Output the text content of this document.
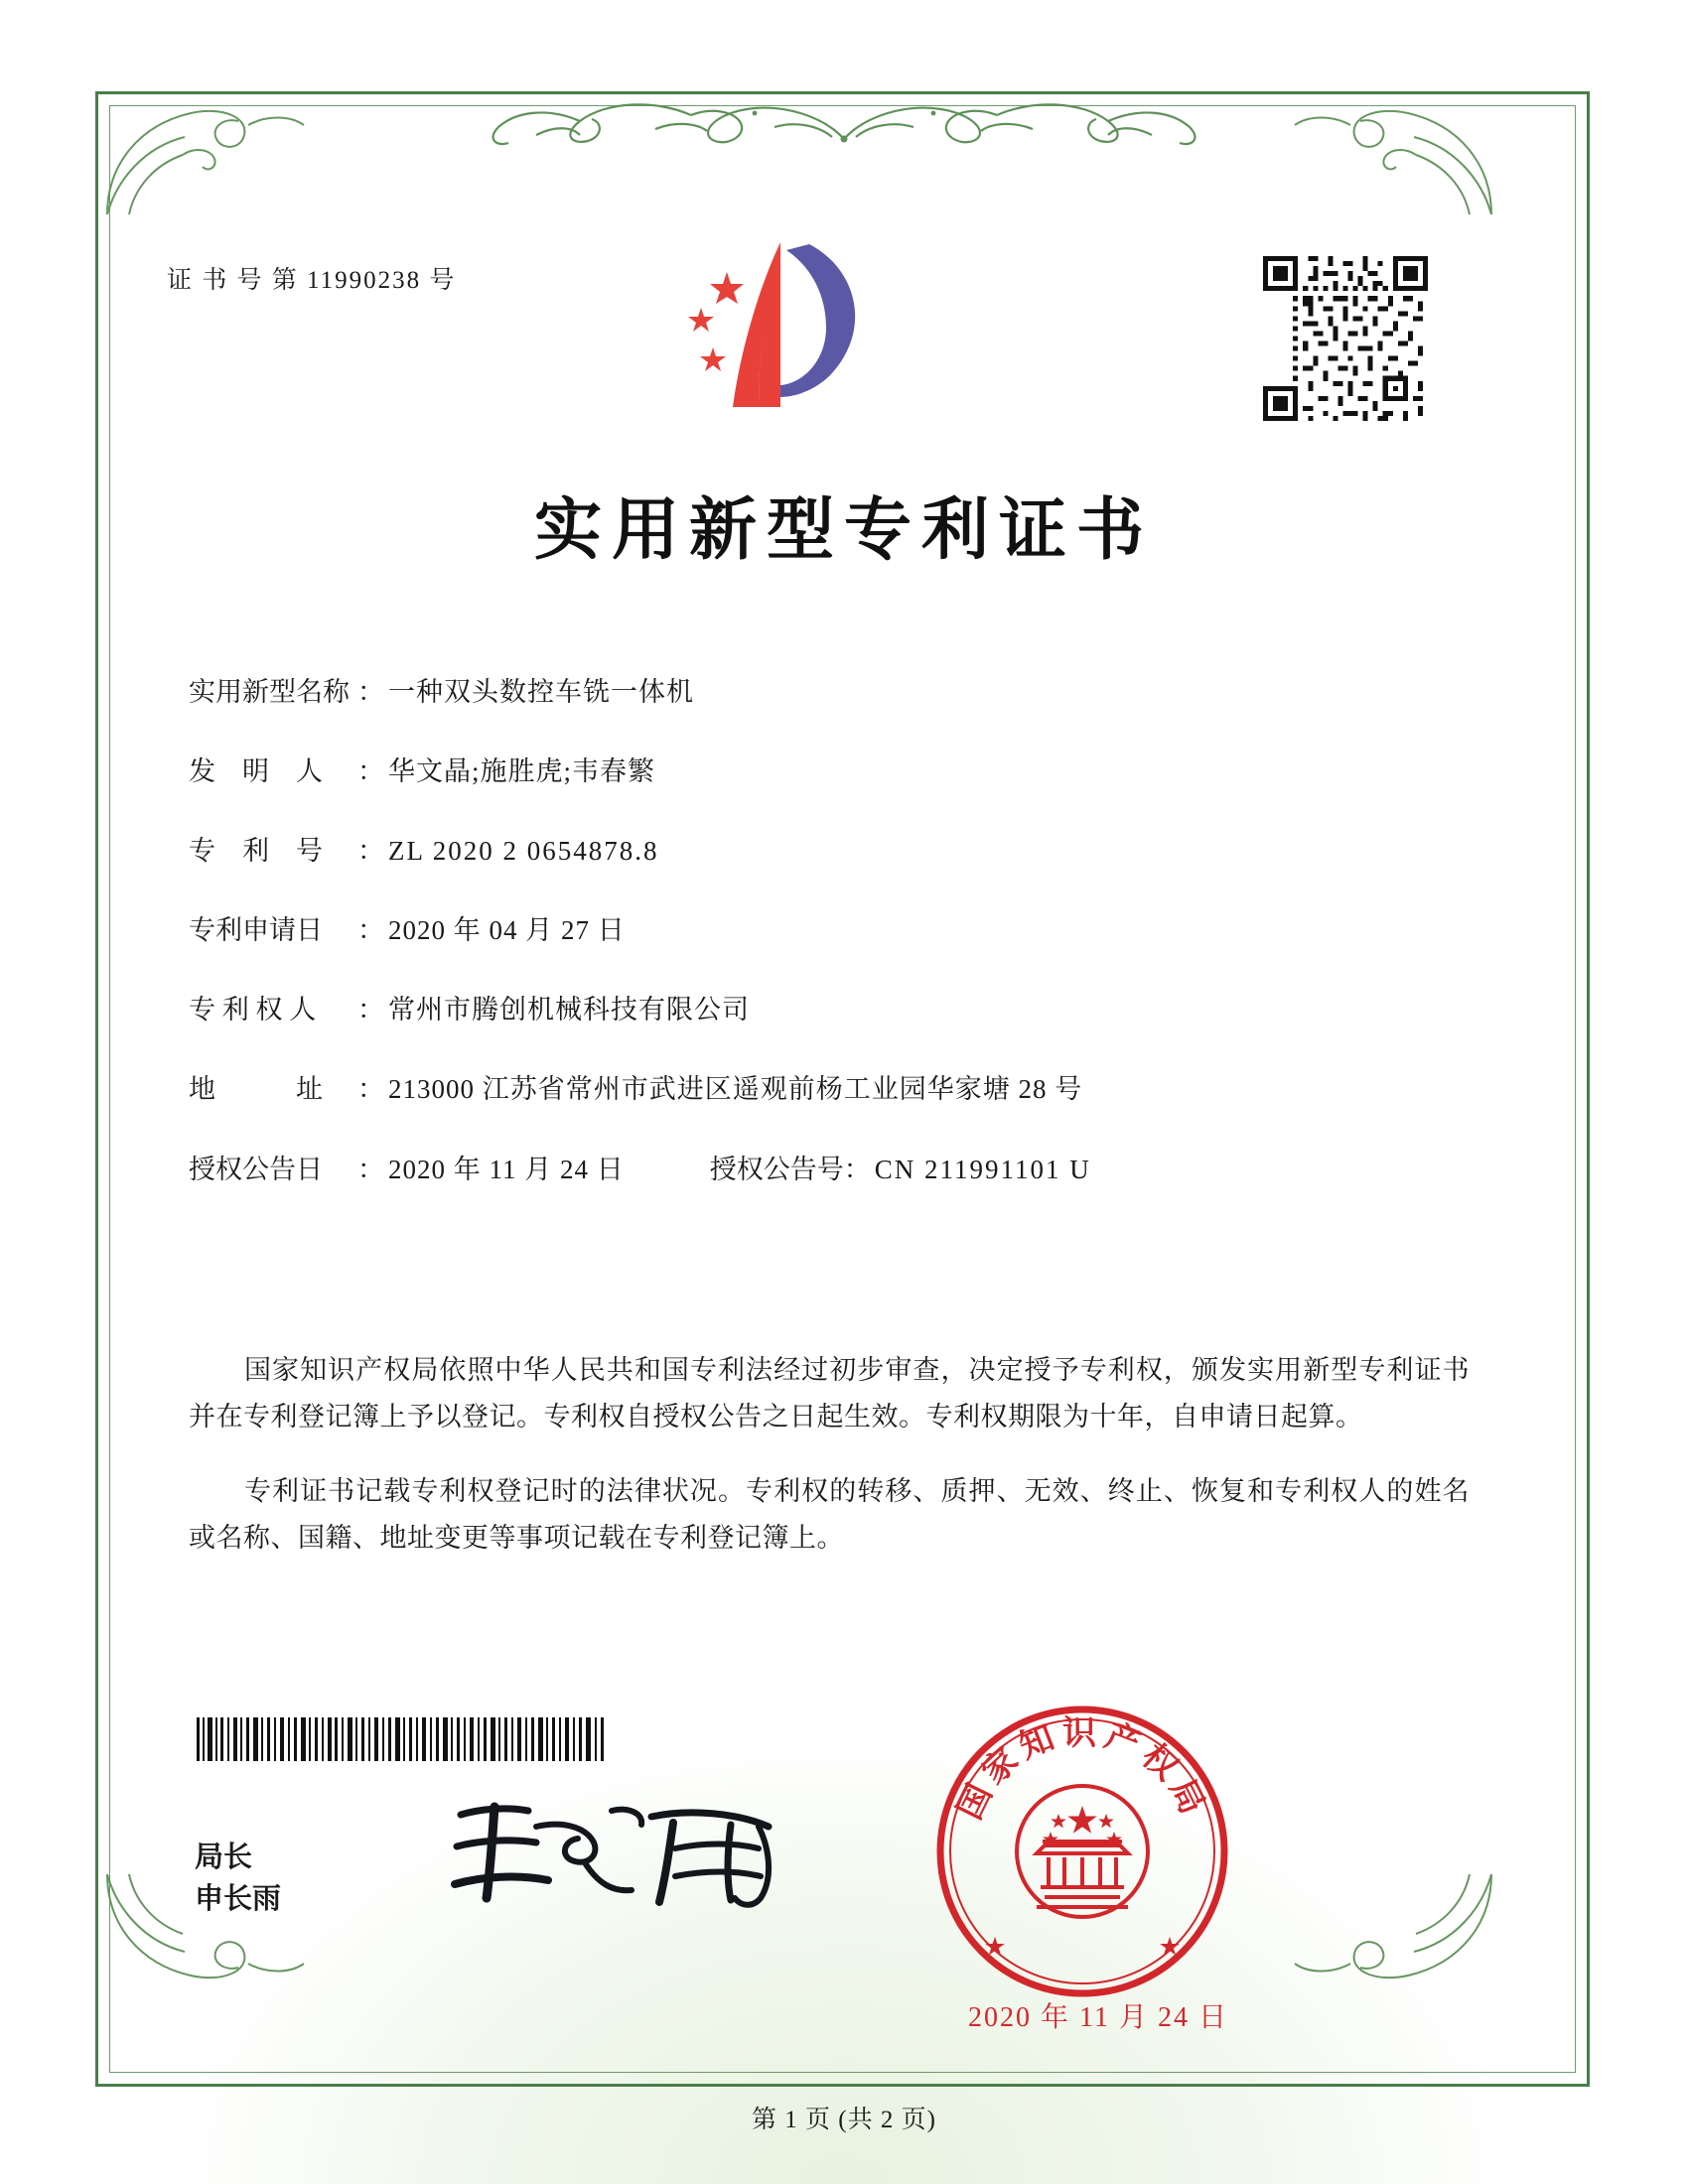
证 书 号 第 11990238 号
实用新型专利证书
实用新型名称 ： 一种双头数控车铣一体机
发　明　人	： 华文晶;施胜虎;韦春繁
专　利　号	： ZL 2020 2 0654878.8
专利申请日	： 2020 年 04 月 27 日
专 利 权 人	： 常州市腾创机械科技有限公司
地　　　址	： 213000 江苏省常州市武进区遥观前杨工业园华家塘 28 号
授权公告日	： 2020 年 11 月 24 日	授权公告号 ： CN 211991101 U

国家知识产权局依照中华人民共和国专利法经过初步审查，决定授予专利权，颁发实用新型专利证书并在专利登记簿上予以登记。专利权自授权公告之日起生效。专利权期限为十年，自申请日起算。

专利证书记载专利权登记时的法律状况。专利权的转移、质押、无效、终止、恢复和专利权人的姓名或名称、国籍、地址变更等事项记载在专利登记簿上。

局长
申长雨
国家知识产权局
2020 年 11 月 24 日
第 1 页 (共 2 页)
